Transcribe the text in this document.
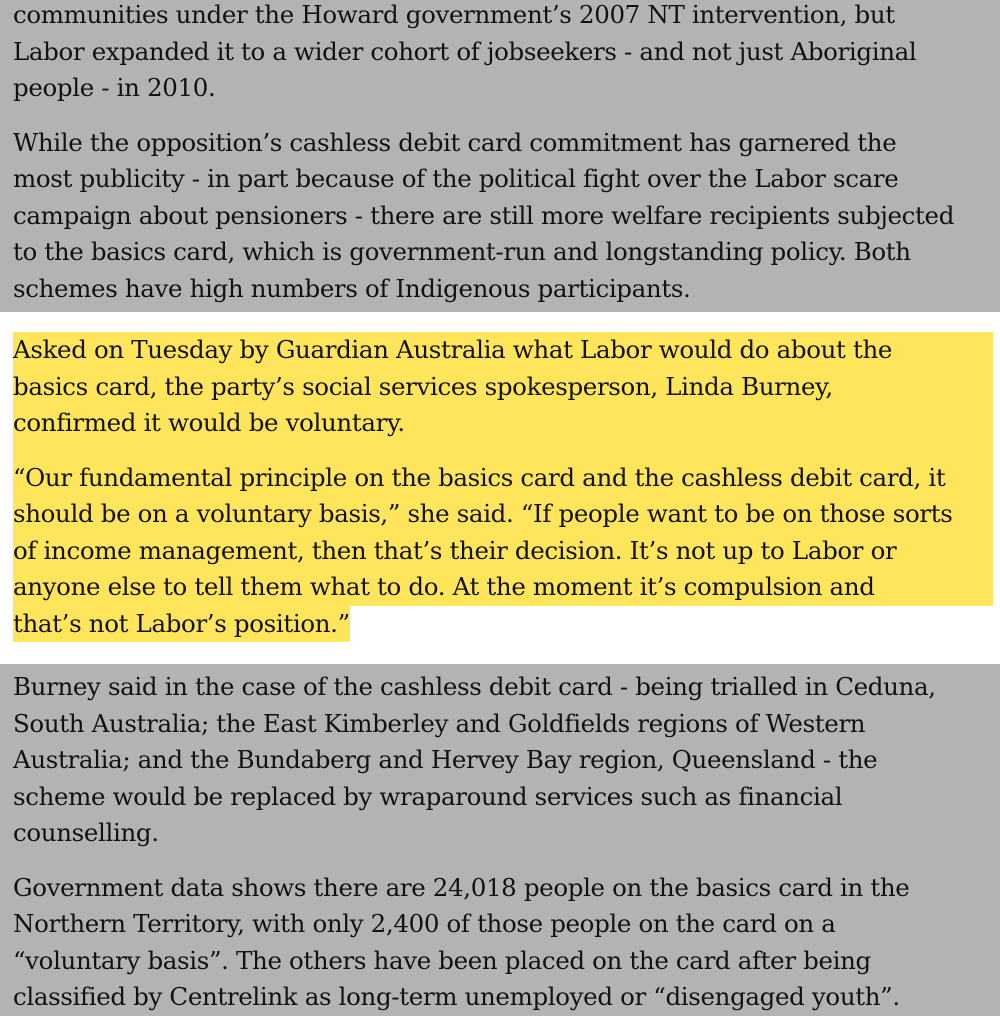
communities under the Howard government’s 2007 NT intervention, but
Labor expanded it to a wider cohort of jobseekers - and not just Aboriginal
people - in 2010.

While the opposition’s cashless debit card commitment has garnered the
most publicity - in part because of the political fight over the Labor scare
campaign about pensioners - there are still more welfare recipients subjected
to the basics card, which is government-run and longstanding policy. Both
schemes have high numbers of Indigenous participants.

Asked on Tuesday by Guardian Australia what Labor would do about the
basics card, the party’s social services spokesperson, Linda Burney,
confirmed it would be voluntary.

“Our fundamental principle on the basics card and the cashless debit card, it
should be on a voluntary basis,” she said. “If people want to be on those sorts
of income management, then that’s their decision. It’s not up to Labor or
anyone else to tell them what to do. At the moment it’s compulsion and
that’s not Labor’s position.”

Burney said in the case of the cashless debit card - being trialled in Ceduna,
South Australia; the East Kimberley and Goldfields regions of Western
Australia; and the Bundaberg and Hervey Bay region, Queensland - the
scheme would be replaced by wraparound services such as financial
counselling.

Government data shows there are 24,018 people on the basics card in the
Northern Territory, with only 2,400 of those people on the card on a
“voluntary basis”. The others have been placed on the card after being
classified by Centrelink as long-term unemployed or “disengaged youth”.
